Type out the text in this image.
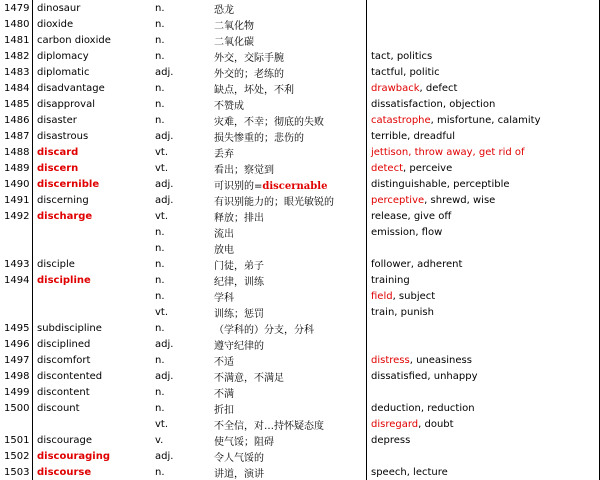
1479	dinosaur	n.	恐龙	
1480	dioxide	n.	二氧化物	
1481	carbon dioxide	n.	二氧化碳	
1482	diplomacy	n.	外交，交际手腕	tact, politics
1483	diplomatic	adj.	外交的；老练的	tactful, politic
1484	disadvantage	n.	缺点，坏处，不利	drawback, defect
1485	disapproval	n.	不赞成	dissatisfaction, objection
1486	disaster	n.	灾难，不幸；彻底的失败	catastrophe, misfortune, calamity
1487	disastrous	adj.	损失惨重的；悲伤的	terrible, dreadful
1488	discard	vt.	丢弃	jettison, throw away, get rid of
1489	discern	vt.	看出；察觉到	detect, perceive
1490	discernible	adj.	可识别的=discernable	distinguishable, perceptible
1491	discerning	adj.	有识别能力的；眼光敏锐的	perceptive, shrewd, wise
1492	discharge	vt.	释放；排出	release, give off
		n.	流出	emission, flow
		n.	放电	
1493	disciple	n.	门徒，弟子	follower, adherent
1494	discipline	n.	纪律，训练	training
		n.	学科	field, subject
		vt.	训练；惩罚	train, punish
1495	subdiscipline	n.	（学科的）分支，分科	
1496	disciplined	adj.	遵守纪律的	
1497	discomfort	n.	不适	distress, uneasiness
1498	discontented	adj.	不满意，不满足	dissatisfied, unhappy
1499	discontent	n.	不满	
1500	discount	n.	折扣	deduction, reduction
		vt.	不全信，对…持怀疑态度	disregard, doubt
1501	discourage	v.	使气馁；阻碍	depress
1502	discouraging	adj.	令人气馁的	
1503	discourse	n.	讲道，演讲	speech, lecture
